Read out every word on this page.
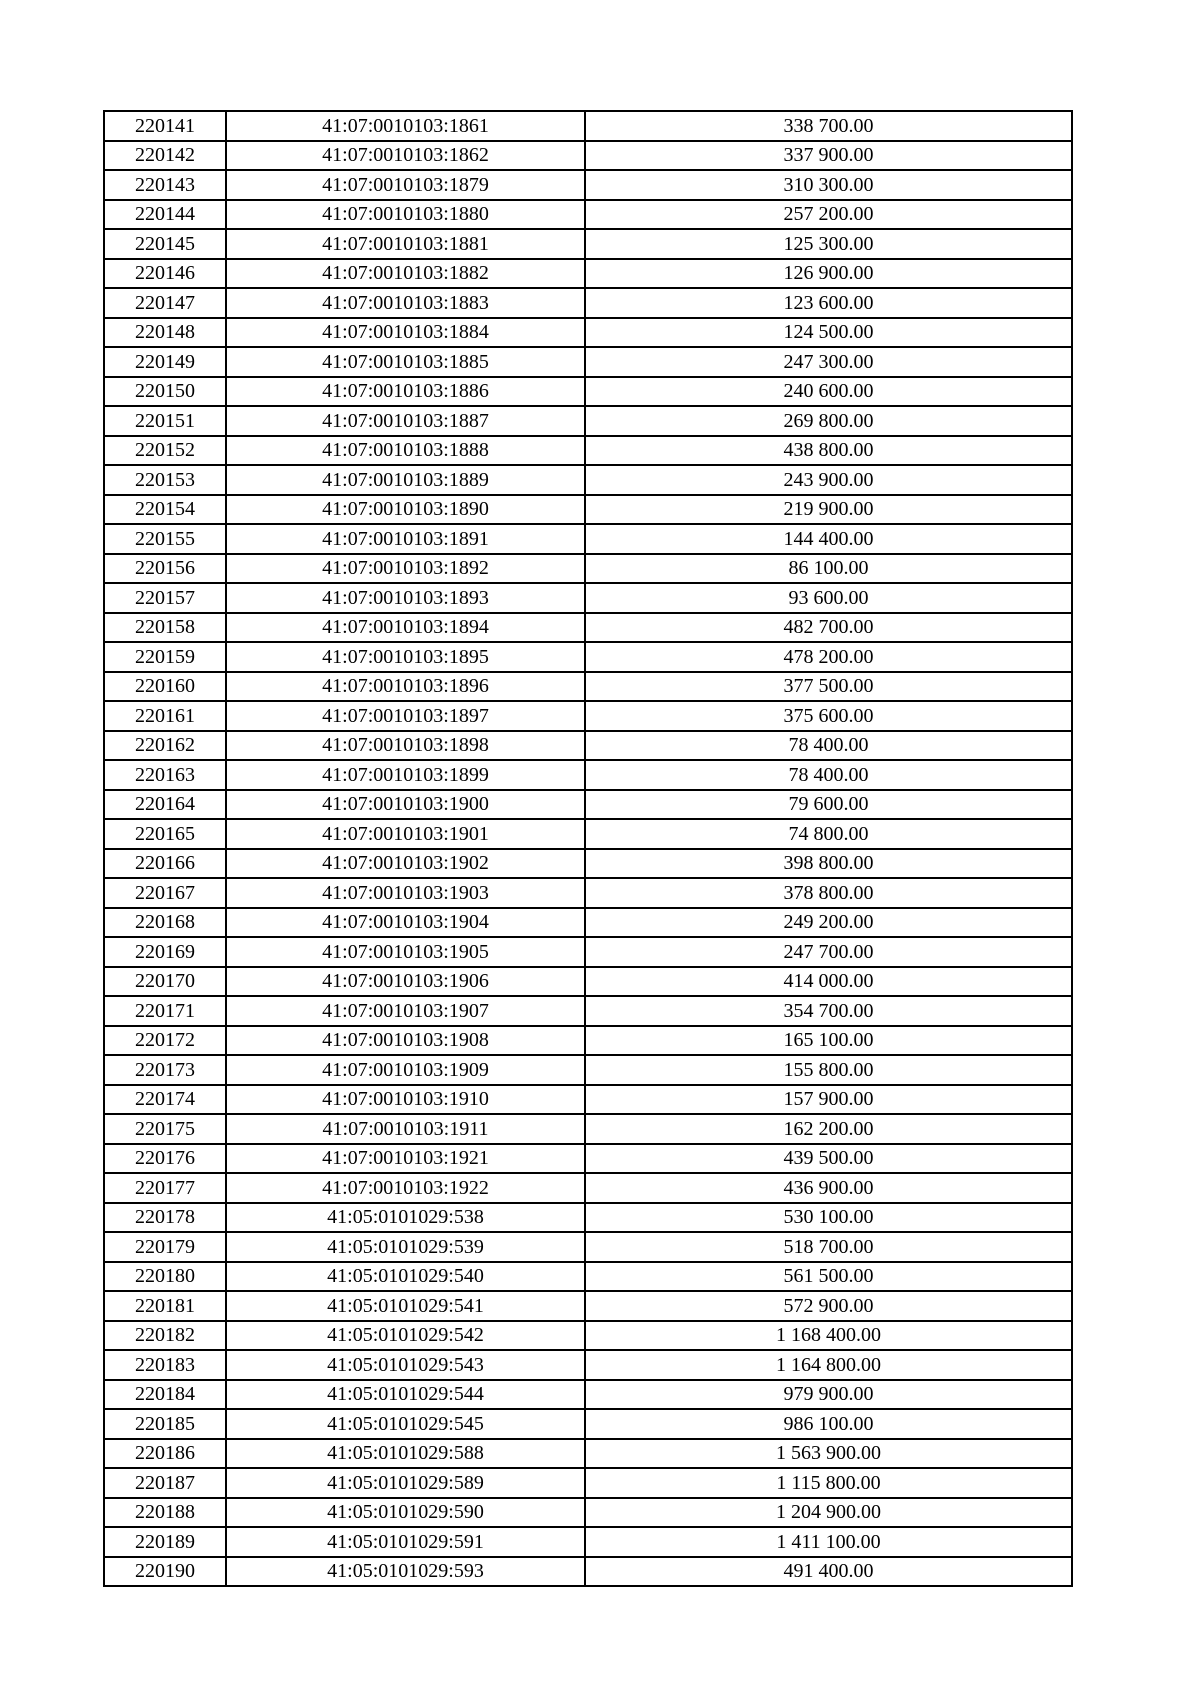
220141	41:07:0010103:1861	338 700.00
220142	41:07:0010103:1862	337 900.00
220143	41:07:0010103:1879	310 300.00
220144	41:07:0010103:1880	257 200.00
220145	41:07:0010103:1881	125 300.00
220146	41:07:0010103:1882	126 900.00
220147	41:07:0010103:1883	123 600.00
220148	41:07:0010103:1884	124 500.00
220149	41:07:0010103:1885	247 300.00
220150	41:07:0010103:1886	240 600.00
220151	41:07:0010103:1887	269 800.00
220152	41:07:0010103:1888	438 800.00
220153	41:07:0010103:1889	243 900.00
220154	41:07:0010103:1890	219 900.00
220155	41:07:0010103:1891	144 400.00
220156	41:07:0010103:1892	86 100.00
220157	41:07:0010103:1893	93 600.00
220158	41:07:0010103:1894	482 700.00
220159	41:07:0010103:1895	478 200.00
220160	41:07:0010103:1896	377 500.00
220161	41:07:0010103:1897	375 600.00
220162	41:07:0010103:1898	78 400.00
220163	41:07:0010103:1899	78 400.00
220164	41:07:0010103:1900	79 600.00
220165	41:07:0010103:1901	74 800.00
220166	41:07:0010103:1902	398 800.00
220167	41:07:0010103:1903	378 800.00
220168	41:07:0010103:1904	249 200.00
220169	41:07:0010103:1905	247 700.00
220170	41:07:0010103:1906	414 000.00
220171	41:07:0010103:1907	354 700.00
220172	41:07:0010103:1908	165 100.00
220173	41:07:0010103:1909	155 800.00
220174	41:07:0010103:1910	157 900.00
220175	41:07:0010103:1911	162 200.00
220176	41:07:0010103:1921	439 500.00
220177	41:07:0010103:1922	436 900.00
220178	41:05:0101029:538	530 100.00
220179	41:05:0101029:539	518 700.00
220180	41:05:0101029:540	561 500.00
220181	41:05:0101029:541	572 900.00
220182	41:05:0101029:542	1 168 400.00
220183	41:05:0101029:543	1 164 800.00
220184	41:05:0101029:544	979 900.00
220185	41:05:0101029:545	986 100.00
220186	41:05:0101029:588	1 563 900.00
220187	41:05:0101029:589	1 115 800.00
220188	41:05:0101029:590	1 204 900.00
220189	41:05:0101029:591	1 411 100.00
220190	41:05:0101029:593	491 400.00
